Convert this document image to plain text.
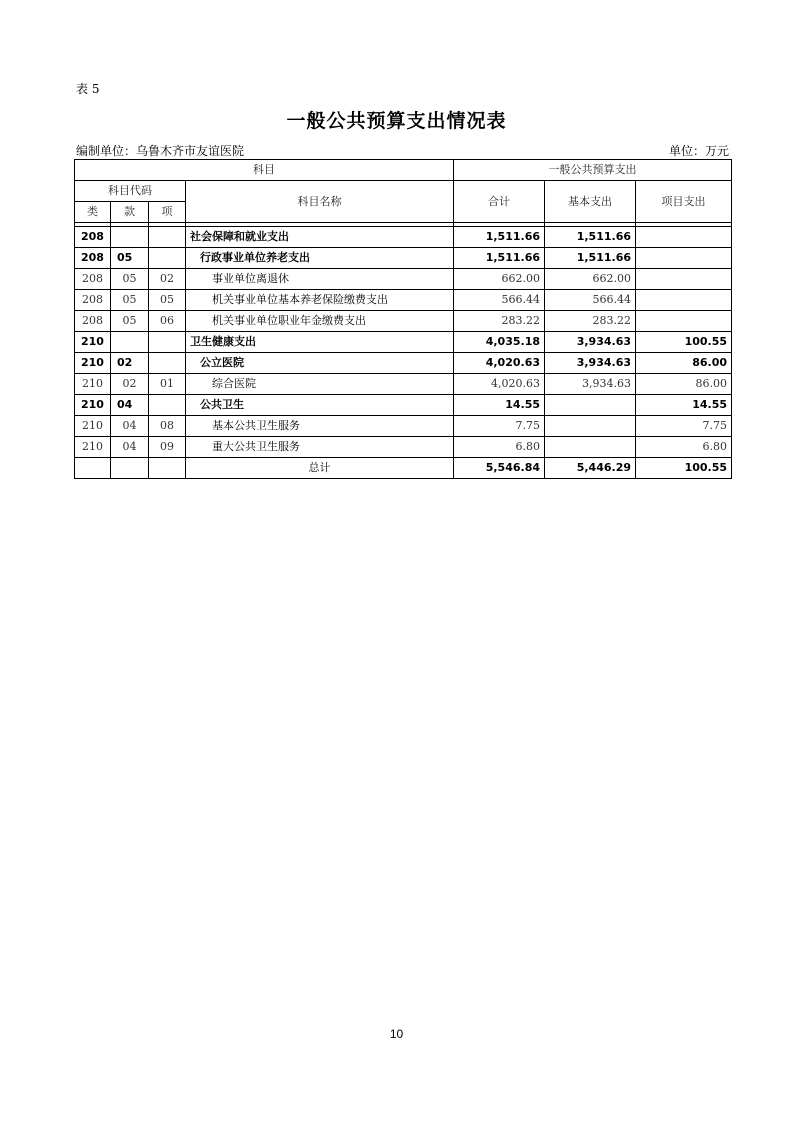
表 5
一般公共预算支出情况表
编制单位：乌鲁木齐市友谊医院	单位：万元
科目				一般公共预算支出		
科目代码			科目名称	合计	基本支出	项目支出
类	款	项				

208			社会保障和就业支出	1,511.66	1,511.66	
208	05		行政事业单位养老支出	1,511.66	1,511.66	
208	05	02	事业单位离退休	662.00	662.00	
208	05	05	机关事业单位基本养老保险缴费支出	566.44	566.44	
208	05	06	机关事业单位职业年金缴费支出	283.22	283.22	
210			卫生健康支出	4,035.18	3,934.63	100.55
210	02		公立医院	4,020.63	3,934.63	86.00
210	02	01	综合医院	4,020.63	3,934.63	86.00
210	04		公共卫生	14.55		14.55
210	04	08	基本公共卫生服务	7.75		7.75
210	04	09	重大公共卫生服务	6.80		6.80
			总计	5,546.84	5,446.29	100.55
10
